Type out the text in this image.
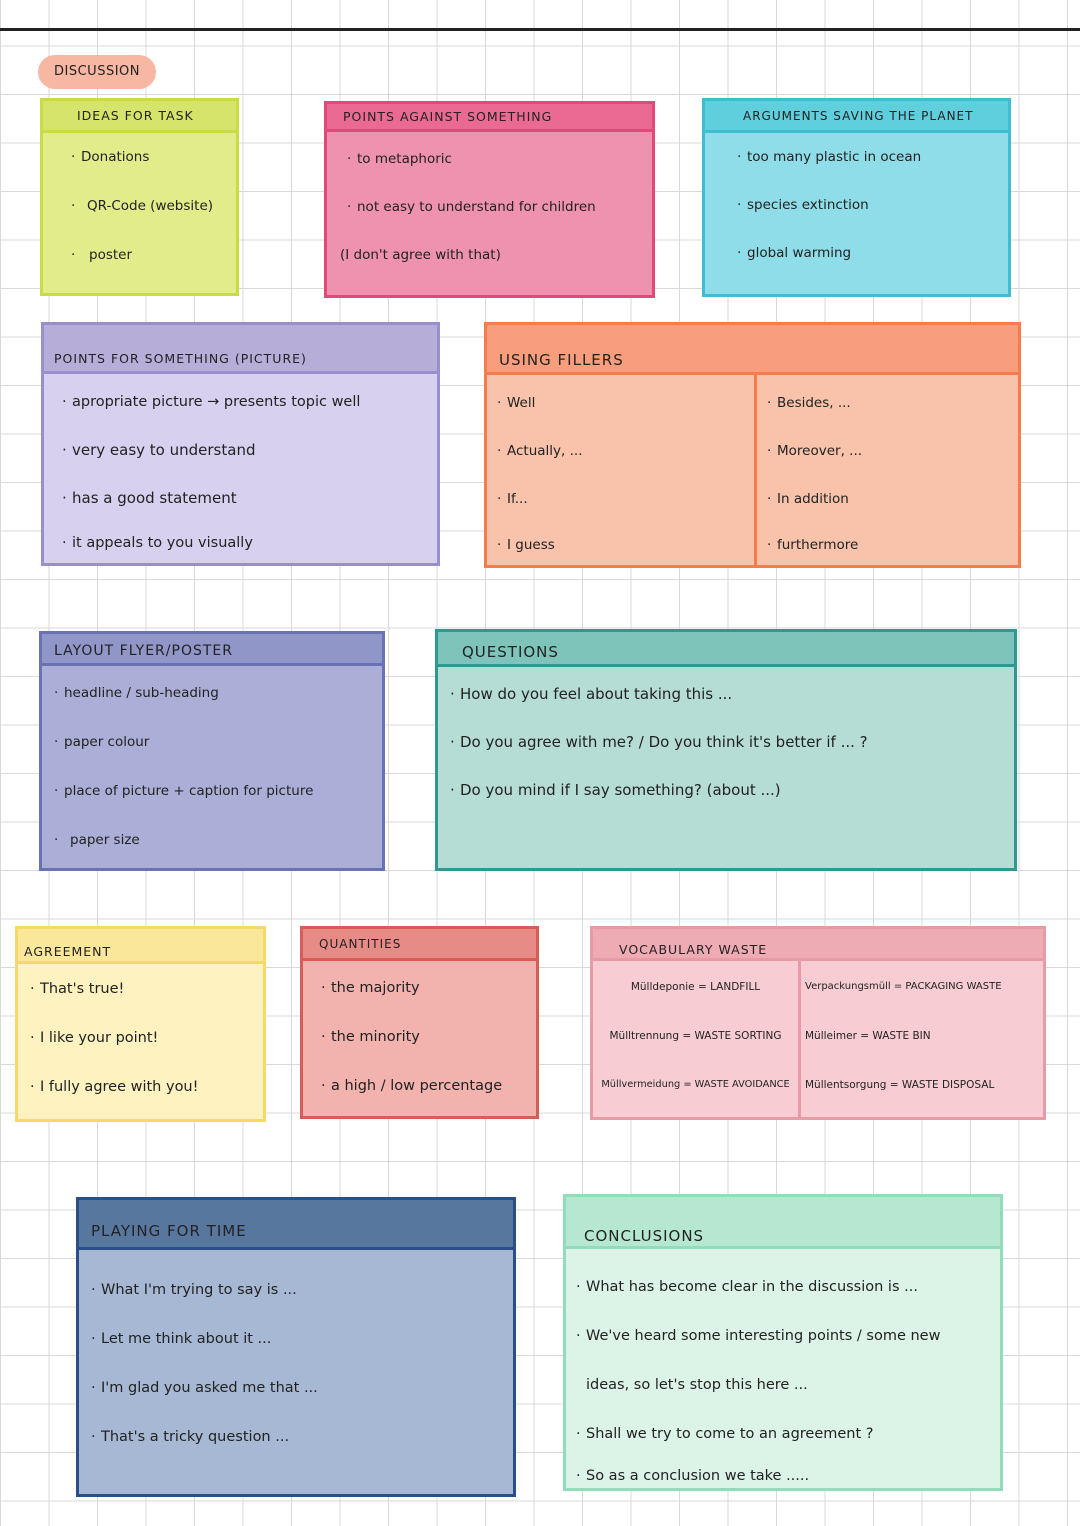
DISCUSSION
IDEAS FOR TASK
· Donations
· QR-Code (website)
· poster
POINTS AGAINST SOMETHING
· to metaphoric
· not easy to understand for children
(I don't agree with that)
ARGUMENTS SAVING THE PLANET
· too many plastic in ocean
· species extinction
· global warming
POINTS FOR SOMETHING (PICTURE)
· apropriate picture → presents topic well
· very easy to understand
· has a good statement
· it appeals to you visually
USING FILLERS
· Well
· Actually, ...
· If...
· I guess
· Besides, ...
· Moreover, ...
· In addition
· furthermore
LAYOUT FLYER/POSTER
· headline / sub-heading
· paper colour
· place of picture + caption for picture
· paper size
QUESTIONS
· How do you feel about taking this ...
· Do you agree with me? / Do you think it's better if ... ?
· Do you mind if I say something? (about ...)
AGREEMENT
· That's true!
· I like your point!
· I fully agree with you!
QUANTITIES
· the majority
· the minority
· a high / low percentage
VOCABULARY WASTE
Mülldeponie = LANDFILL
Mülltrennung = WASTE SORTING
Müllvermeidung = WASTE AVOIDANCE
Verpackungsmüll = PACKAGING WASTE
Mülleimer = WASTE BIN
Müllentsorgung = WASTE DISPOSAL
PLAYING FOR TIME
· What I'm trying to say is ...
· Let me think about it ...
· I'm glad you asked me that ...
· That's a tricky question ...
CONCLUSIONS
· What has become clear in the discussion is ...
· We've heard some interesting points / some new
ideas, so let's stop this here ...
· Shall we try to come to an agreement ?
· So as a conclusion we take .....
